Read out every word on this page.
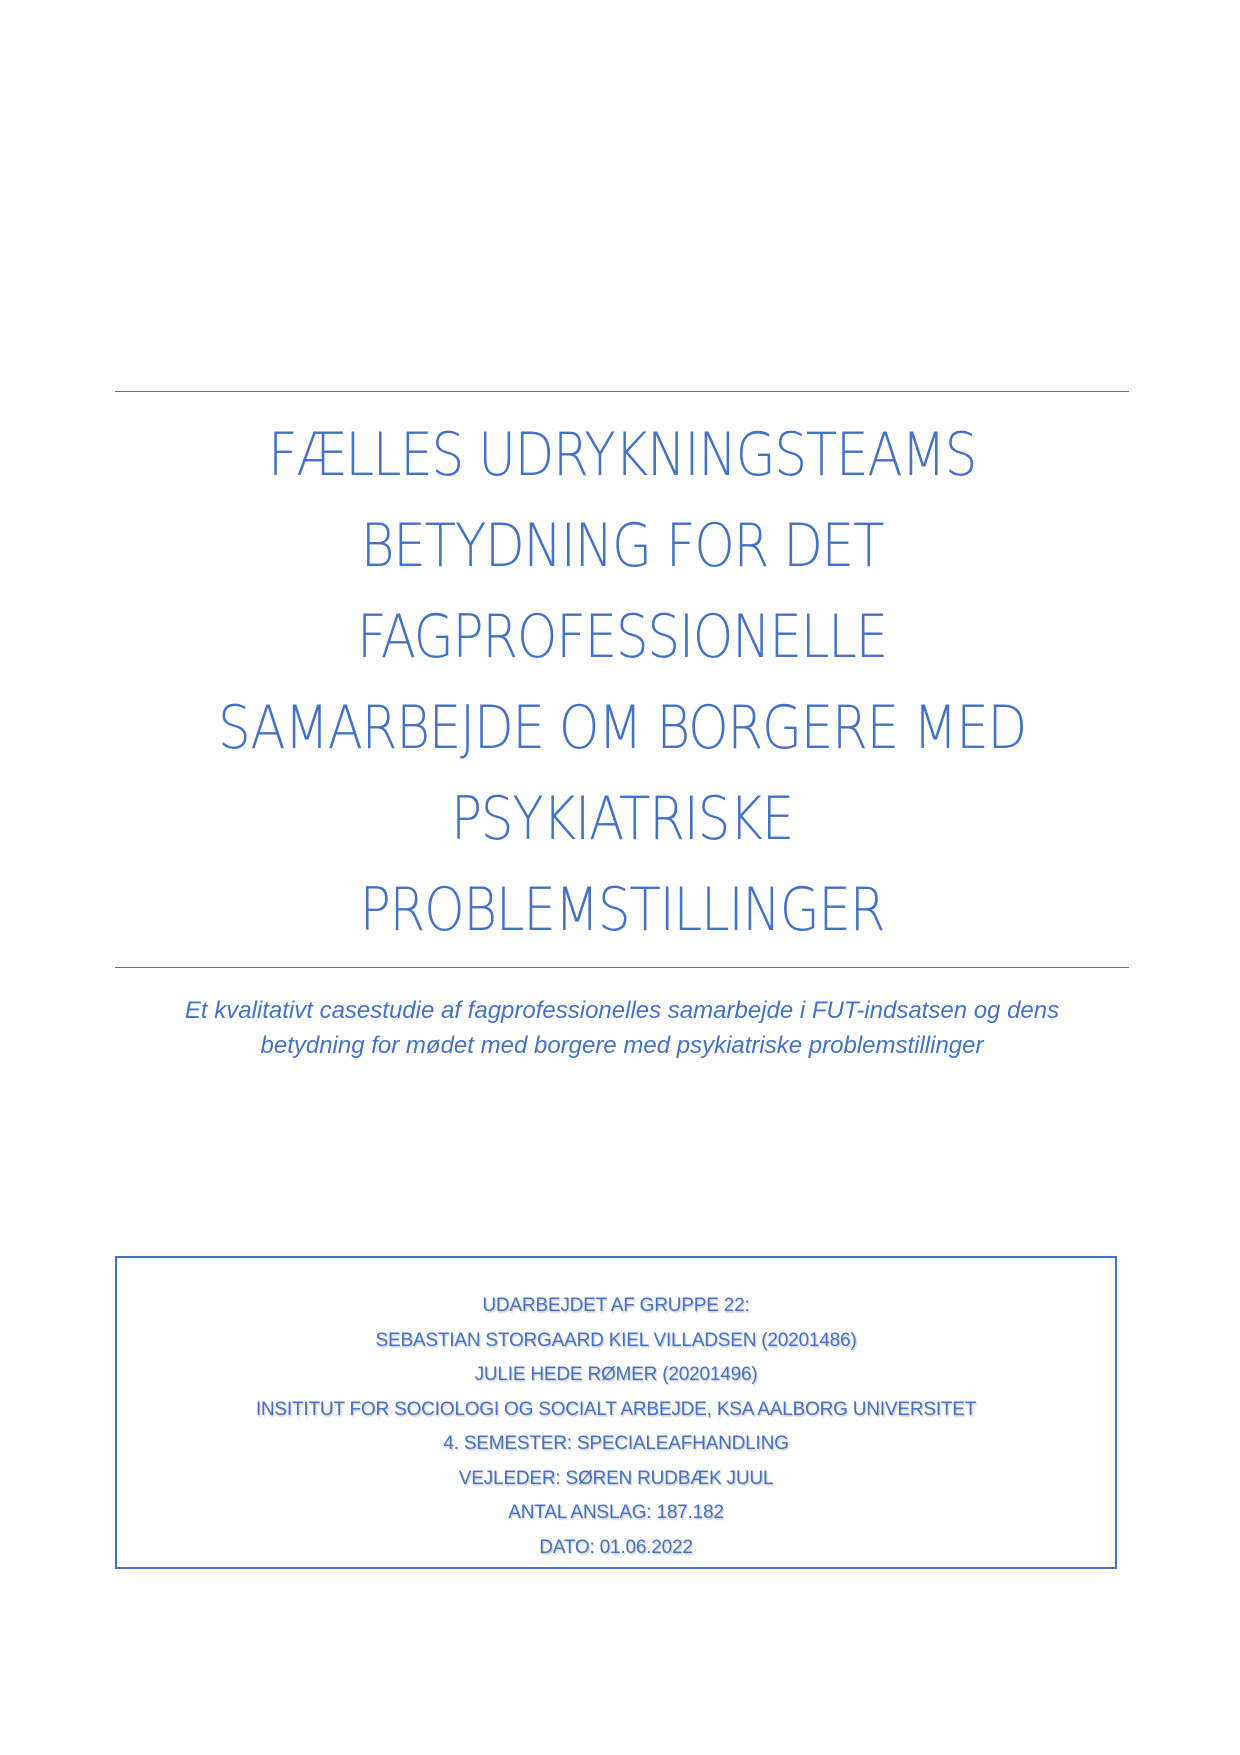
FÆLLES UDRYKNINGSTEAMS
BETYDNING FOR DET
FAGPROFESSIONELLE
SAMARBEJDE OM BORGERE MED
PSYKIATRISKE
PROBLEMSTILLINGER
Et kvalitativt casestudie af fagprofessionelles samarbejde i FUT-indsatsen og dens
betydning for mødet med borgere med psykiatriske problemstillinger
UDARBEJDET AF GRUPPE 22:
SEBASTIAN STORGAARD KIEL VILLADSEN (20201486)
JULIE HEDE RØMER (20201496)
INSITITUT FOR SOCIOLOGI OG SOCIALT ARBEJDE, KSA AALBORG UNIVERSITET
4. SEMESTER: SPECIALEAFHANDLING
VEJLEDER: SØREN RUDBÆK JUUL
ANTAL ANSLAG: 187.182
DATO: 01.06.2022
